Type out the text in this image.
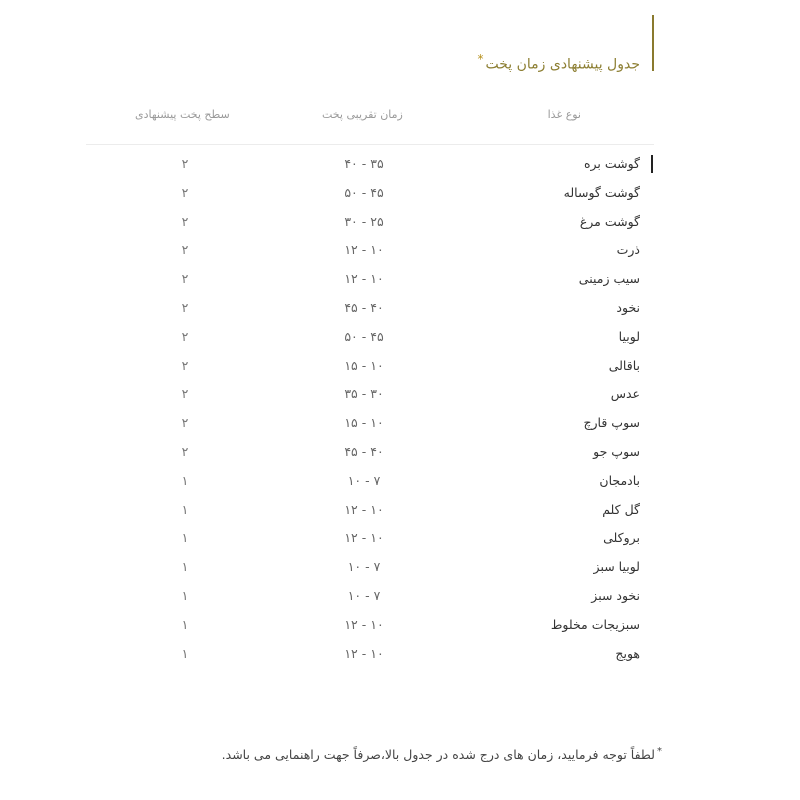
جدول پیشنهادی زمان پخت*
نوع غذا
زمان تقریبی پخت
سطح پخت پیشنهادی
گوشت بره
۳۵ - ۴۰
۲
گوشت گوساله
۴۵ - ۵۰
۲
گوشت مرغ
۲۵ - ۳۰
۲
ذرت
۱۰ - ۱۲
۲
سیب زمینی
۱۰ - ۱۲
۲
نخود
۴۰ - ۴۵
۲
لوبیا
۴۵ - ۵۰
۲
باقالی
۱۰ - ۱۵
۲
عدس
۳۰ - ۳۵
۲
سوپ قارچ
۱۰ - ۱۵
۲
سوپ جو
۴۰ - ۴۵
۲
بادمجان
۷ - ۱۰
۱
گل کلم
۱۰ - ۱۲
۱
بروکلی
۱۰ - ۱۲
۱
لوبیا سبز
۷ - ۱۰
۱
نخود سبز
۷ - ۱۰
۱
سبزیجات مخلوط
۱۰ - ۱۲
۱
هویج
۱۰ - ۱۲
۱
*لطفاً توجه فرمایید، زمان های درج شده در جدول بالا،صرفاً جهت راهنمایی می باشد.
